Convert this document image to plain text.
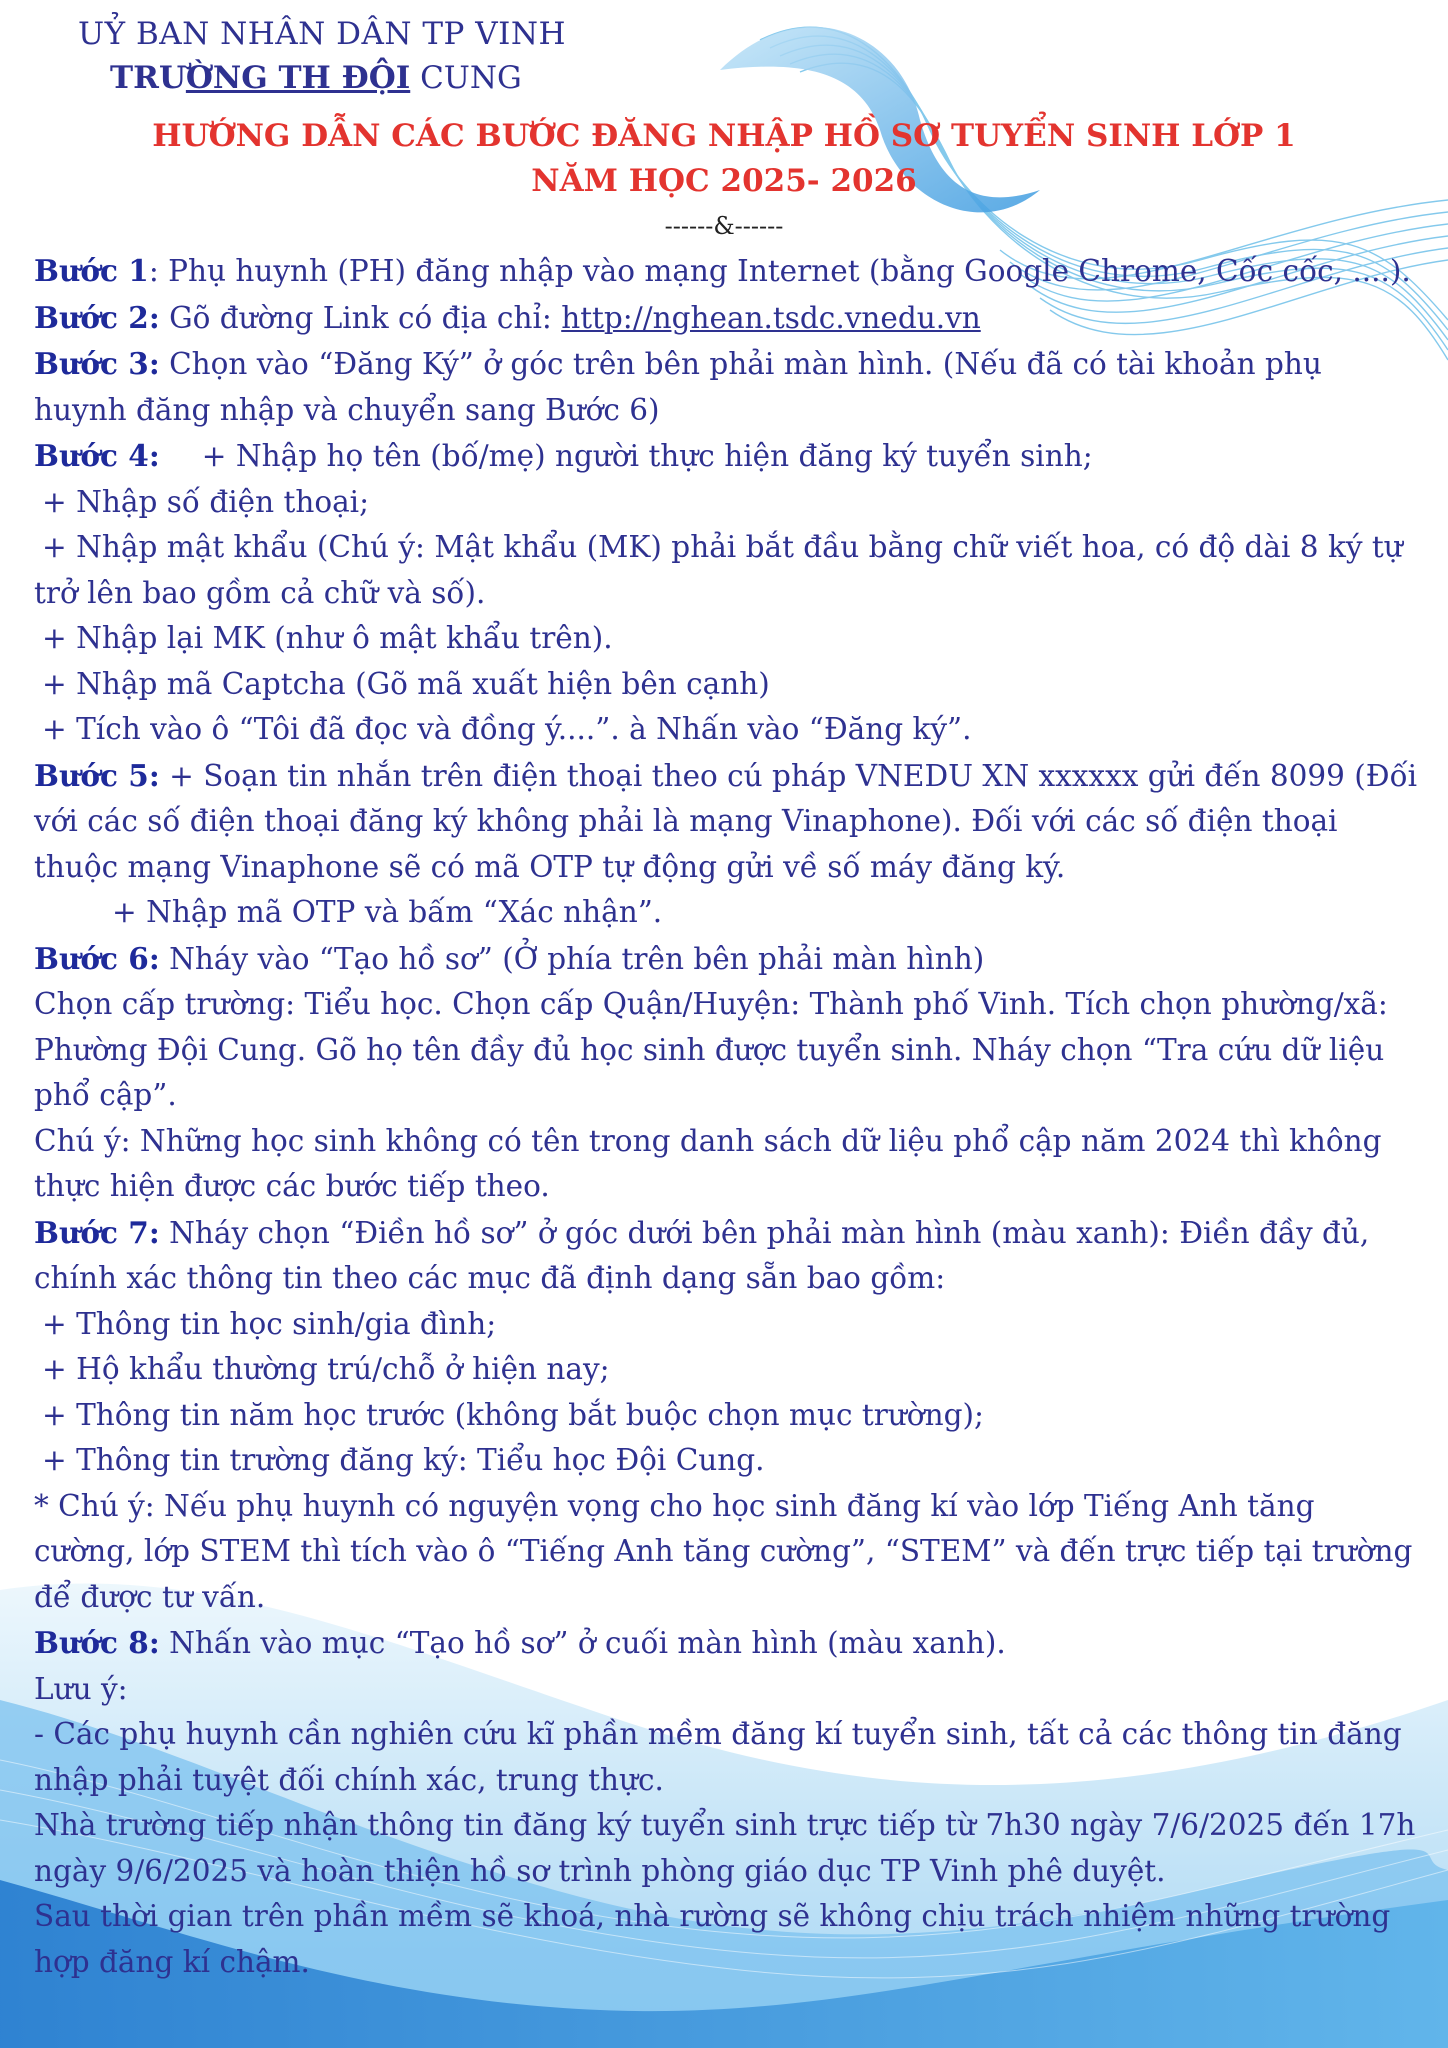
UỶ BAN NHÂN DÂN TP VINH
TRƯỜNG TH ĐỘI CUNG
HƯỚNG DẪN CÁC BƯỚC ĐĂNG NHẬP HỒ SƠ TUYỂN SINH LỚP 1
NĂM HỌC 2025- 2026
------&------

Bước 1: Phụ huynh (PH) đăng nhập vào mạng Internet (bằng Google Chrome, Cốc cốc, ....).

Bước 2: Gõ đường Link có địa chỉ: http://nghean.tsdc.vnedu.vn

Bước 3: Chọn vào “Đăng Ký” ở góc trên bên phải màn hình. (Nếu đã có tài khoản phụ

huynh đăng nhập và chuyển sang Bước 6)

Bước 4: + Nhập họ tên (bố/mẹ) người thực hiện đăng ký tuyển sinh;

+ Nhập số điện thoại;

+ Nhập mật khẩu (Chú ý: Mật khẩu (MK) phải bắt đầu bằng chữ viết hoa, có độ dài 8 ký tự

trở lên bao gồm cả chữ và số).

+ Nhập lại MK (như ô mật khẩu trên).

+ Nhập mã Captcha (Gõ mã xuất hiện bên cạnh)

+ Tích vào ô “Tôi đã đọc và đồng ý....”. à Nhấn vào “Đăng ký”.

Bước 5: + Soạn tin nhắn trên điện thoại theo cú pháp VNEDU XN xxxxxx gửi đến 8099 (Đối

với các số điện thoại đăng ký không phải là mạng Vinaphone). Đối với các số điện thoại

thuộc mạng Vinaphone sẽ có mã OTP tự động gửi về số máy đăng ký.

+ Nhập mã OTP và bấm “Xác nhận”.

Bước 6: Nháy vào “Tạo hồ sơ” (Ở phía trên bên phải màn hình)

Chọn cấp trường: Tiểu học. Chọn cấp Quận/Huyện: Thành phố Vinh. Tích chọn phường/xã:

Phường Đội Cung. Gõ họ tên đầy đủ học sinh được tuyển sinh. Nháy chọn “Tra cứu dữ liệu

phổ cập”.

Chú ý: Những học sinh không có tên trong danh sách dữ liệu phổ cập năm 2024 thì không

thực hiện được các bước tiếp theo.

Bước 7: Nháy chọn “Điền hồ sơ” ở góc dưới bên phải màn hình (màu xanh): Điền đầy đủ,

chính xác thông tin theo các mục đã định dạng sẵn bao gồm:

+ Thông tin học sinh/gia đình;

+ Hộ khẩu thường trú/chỗ ở hiện nay;

+ Thông tin năm học trước (không bắt buộc chọn mục trường);

+ Thông tin trường đăng ký: Tiểu học Đội Cung.

* Chú ý: Nếu phụ huynh có nguyện vọng cho học sinh đăng kí vào lớp Tiếng Anh tăng

cường, lớp STEM thì tích vào ô “Tiếng Anh tăng cường”, “STEM” và đến trực tiếp tại trường

để được tư vấn.

Bước 8: Nhấn vào mục “Tạo hồ sơ” ở cuối màn hình (màu xanh).

Lưu ý:

- Các phụ huynh cần nghiên cứu kĩ phần mềm đăng kí tuyển sinh, tất cả các thông tin đăng

nhập phải tuyệt đối chính xác, trung thực.

Nhà trường tiếp nhận thông tin đăng ký tuyển sinh trực tiếp từ 7h30 ngày 7/6/2025 đến 17h

ngày 9/6/2025 và hoàn thiện hồ sơ trình phòng giáo dục TP Vinh phê duyệt.

Sau thời gian trên phần mềm sẽ khoá, nhà rường sẽ không chịu trách nhiệm những trường

hợp đăng kí chậm.
